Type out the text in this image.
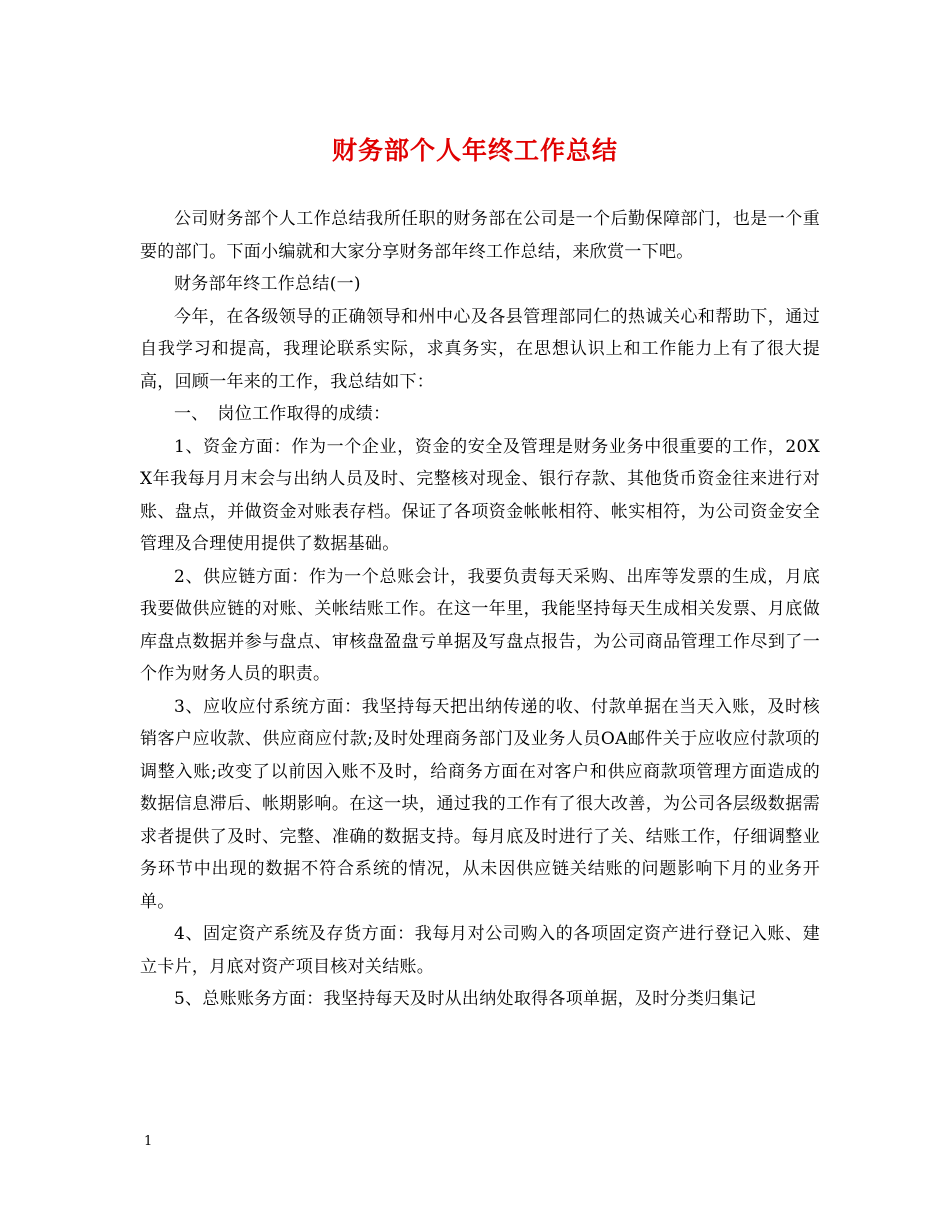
财务部个人年终工作总结

公司财务部个人工作总结我所任职的财务部在公司是一个后勤保障部门，也是一个重要的部门。下面小编就和大家分享财务部年终工作总结，来欣赏一下吧。

财务部年终工作总结(一)

今年，在各级领导的正确领导和州中心及各县管理部同仁的热诚关心和帮助下，通过自我学习和提高，我理论联系实际，求真务实，在思想认识上和工作能力上有了很大提高，回顾一年来的工作，我总结如下：

一、　岗位工作取得的成绩：

1、资金方面：作为一个企业，资金的安全及管理是财务业务中很重要的工作，20XX年我每月月末会与出纳人员及时、完整核对现金、银行存款、其他货币资金往来进行对账、盘点，并做资金对账表存档。保证了各项资金帐帐相符、帐实相符，为公司资金安全管理及合理使用提供了数据基础。

2、供应链方面：作为一个总账会计，我要负责每天采购、出库等发票的生成，月底我要做供应链的对账、关帐结账工作。在这一年里，我能坚持每天生成相关发票、月底做库盘点数据并参与盘点、审核盘盈盘亏单据及写盘点报告，为公司商品管理工作尽到了一个作为财务人员的职责。

3、应收应付系统方面：我坚持每天把出纳传递的收、付款单据在当天入账，及时核销客户应收款、供应商应付款;及时处理商务部门及业务人员OA邮件关于应收应付款项的调整入账;改变了以前因入账不及时，给商务方面在对客户和供应商款项管理方面造成的数据信息滞后、帐期影响。在这一块，通过我的工作有了很大改善，为公司各层级数据需求者提供了及时、完整、准确的数据支持。每月底及时进行了关、结账工作，仔细调整业务环节中出现的数据不符合系统的情况，从未因供应链关结账的问题影响下月的业务开单。

4、固定资产系统及存货方面：我每月对公司购入的各项固定资产进行登记入账、建立卡片，月底对资产项目核对关结账。

5、总账账务方面：我坚持每天及时从出纳处取得各项单据，及时分类归集记

1
